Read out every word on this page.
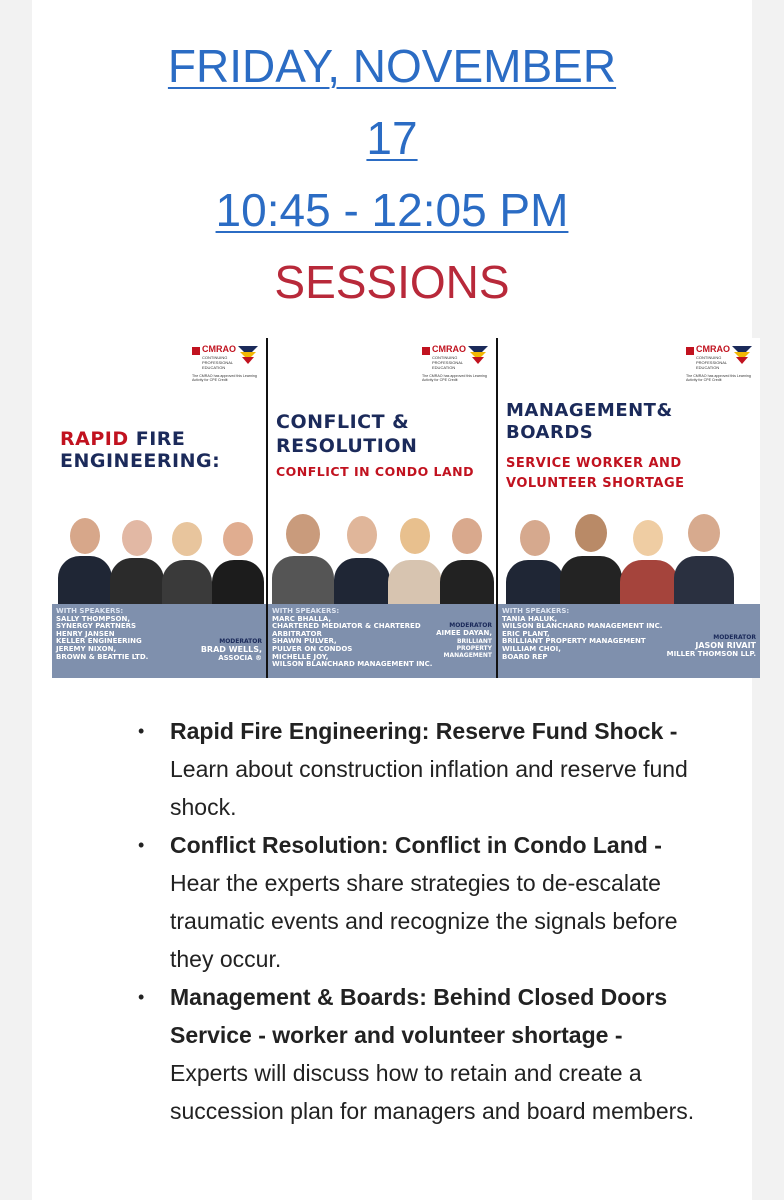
FRIDAY, NOVEMBER
17
10:45 - 12:05 PM
SESSIONS
CMRAO
CONTINUING PROFESSIONAL EDUCATION
The CMRAO has approved this Learning Activity for CPE Credit
RAPID FIRE
ENGINEERING:
WITH SPEAKERS:
SALLY THOMPSON,
SYNERGY PARTNERS
HENRY JANSEN
KELLER ENGINEERING
JEREMY NIXON,
BROWN & BEATTIE LTD.
MODERATOR
BRAD WELLS,
ASSOCIA ®
CMRAO
CONTINUING PROFESSIONAL EDUCATION
The CMRAO has approved this Learning Activity for CPE Credit
CONFLICT &
RESOLUTION
CONFLICT IN CONDO LAND
WITH SPEAKERS:
MARC BHALLA,
CHARTERED MEDIATOR & CHARTERED
ARBITRATOR
SHAWN PULVER,
PULVER ON CONDOS
MICHELLE JOY,
WILSON BLANCHARD MANAGEMENT INC.
MODERATOR
AIMEE DAYAN,
BRILLIANT PROPERTY MANAGEMENT
CMRAO
CONTINUING PROFESSIONAL EDUCATION
The CMRAO has approved this Learning Activity for CPE Credit
MANAGEMENT&
BOARDS
SERVICE WORKER AND
VOLUNTEER SHORTAGE
WITH SPEAKERS:
TANIA HALUK,
WILSON BLANCHARD MANAGEMENT INC.
ERIC PLANT,
BRILLIANT PROPERTY MANAGEMENT
WILLIAM CHOI,
BOARD REP
MODERATOR
JASON RIVAIT
MILLER THOMSON LLP.
• Rapid Fire Engineering: Reserve Fund Shock - Learn about construction inflation and reserve fund shock.
• Conflict Resolution: Conflict in Condo Land - Hear the experts share strategies to de-escalate traumatic events and recognize the signals before they occur.
• Management & Boards: Behind Closed Doors Service - worker and volunteer shortage - Experts will discuss how to retain and create a succession plan for managers and board members.
